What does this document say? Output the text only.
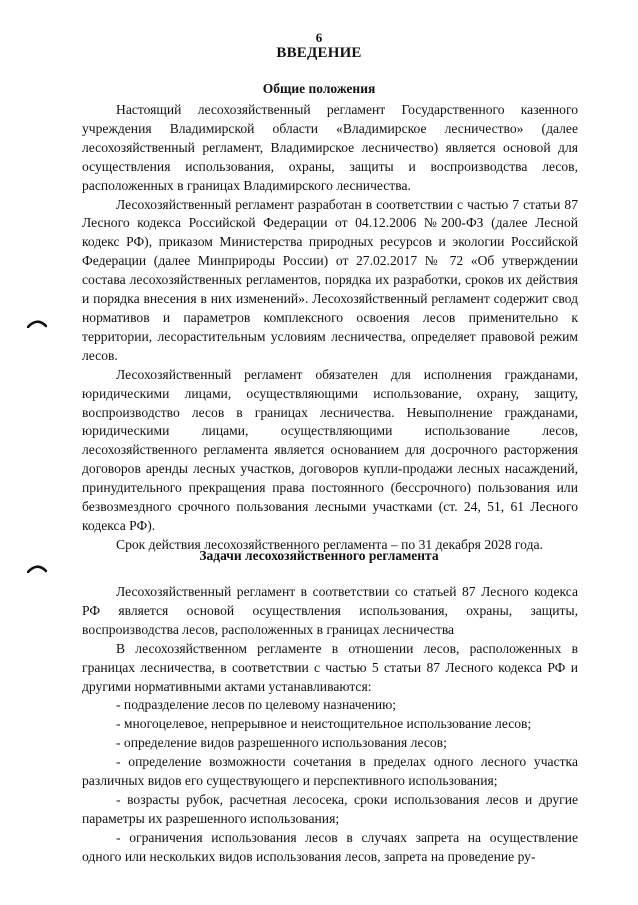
6
ВВЕДЕНИЕ
Общие положения

Настоящий лесохозяйственный регламент Государственного казенного учреждения Владимирской области «Владимирское лесничество» (далее лесохозяйственный регламент, Владимирское лесничество) является основой для осуществления использования, охраны, защиты и воспроизводства лесов, расположенных в границах Владимирского лесничества.

Лесохозяйственный регламент разработан в соответствии с частью 7 статьи 87 Лесного кодекса Российской Федерации от 04.12.2006 №200-ФЗ (далее Лесной кодекс РФ), приказом Министерства природных ресурсов и экологии Российской Федерации (далее Минприроды России) от 27.02.2017 № 72 «Об утверждении состава лесохозяйственных регламентов, порядка их разработки, сроков их действия и порядка внесения в них изменений». Лесохозяйственный регламент содержит свод нормативов и параметров комплексного освоения лесов применительно к территории, лесорастительным условиям лесничества, определяет правовой режим лесов.

Лесохозяйственный регламент обязателен для исполнения гражданами, юридическими лицами, осуществляющими использование, охрану, защиту, воспроизводство лесов в границах лесничества. Невыполнение гражданами, юридическими лицами, осуществляющими использование лесов, лесохозяйственного регламента является основанием для досрочного расторжения договоров аренды лесных участков, договоров купли-продажи лесных насаждений, принудительного прекращения права постоянного (бессрочного) пользования или безвозмездного срочного пользования лесными участками (ст. 24, 51, 61 Лесного кодекса РФ).

Срок действия лесохозяйственного регламента – по 31 декабря 2028 года.

Задачи лесохозяйственного регламента

Лесохозяйственный регламент в соответствии со статьей 87 Лесного кодекса РФ является основой осуществления использования, охраны, защиты, воспроизводства лесов, расположенных в границах лесничества

В лесохозяйственном регламенте в отношении лесов, расположенных в границах лесничества, в соответствии с частью 5 статьи 87 Лесного кодекса РФ и другими нормативными актами устанавливаются:

- подразделение лесов по целевому назначению;

- многоцелевое, непрерывное и неистощительное использование лесов;

- определение видов разрешенного использования лесов;

- определение возможности сочетания в пределах одного лесного участка различных видов его существующего и перспективного использования;

- возрасты рубок, расчетная лесосека, сроки использования лесов и другие параметры их разрешенного использования;

- ограничения использования лесов в случаях запрета на осуществление одного или нескольких видов использования лесов, запрета на проведение ру-
